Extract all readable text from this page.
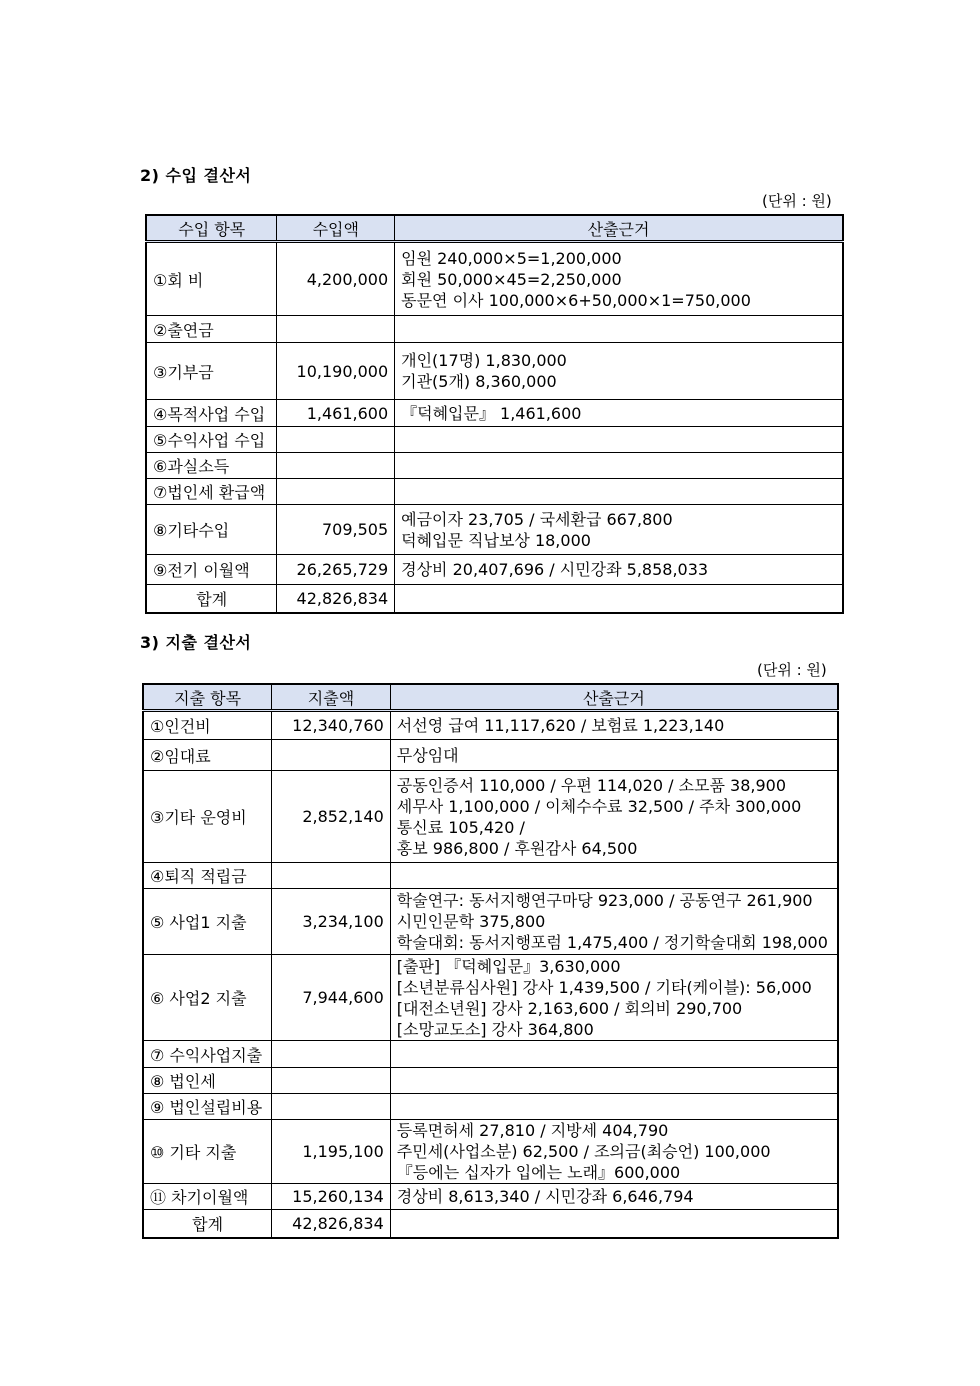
2) 수입 결산서
(단위 : 원)
수입 항목	수입액	산출근거
①회 비	4,200,000	임원 240,000×5=1,200,000
회원 50,000×45=2,250,000
동문연 이사 100,000×6+50,000×1=750,000

②출연금		

③기부금	10,190,000	개인(17명) 1,830,000
기관(5개) 8,360,000

④목적사업 수입	1,461,600	『덕혜입문』 1,461,600

⑤수익사업 수입		

⑥과실소득		

⑦법인세 환급액		

⑧기타수입	709,505	예금이자 23,705 / 국세환급 667,800
덕혜입문 직납보상 18,000

⑨전기 이월액	26,265,729	경상비 20,407,696 / 시민강좌 5,858,033

합계	42,826,834	
3) 지출 결산서
(단위 : 원)
지출 항목	지출액	산출근거
①인건비	12,340,760	서선영 급여 11,117,620 / 보험료 1,223,140

②임대료		무상임대

③기타 운영비	2,852,140	공동인증서 110,000 / 우편 114,020 / 소모품 38,900
세무사 1,100,000 / 이체수수료 32,500 / 주차 300,000
통신료 105,420 /
홍보 986,800 / 후원감사 64,500

④퇴직 적립금		

⑤ 사업1 지출	3,234,100	학술연구: 동서지행연구마당 923,000 / 공동연구 261,900
시민인문학 375,800
학술대회: 동서지행포럼 1,475,400 / 정기학술대회 198,000

⑥ 사업2 지출	7,944,600	[출판] 『덕혜입문』3,630,000
[소년분류심사원] 강사 1,439,500 / 기타(케이블): 56,000
[대전소년원] 강사 2,163,600 / 회의비 290,700
[소망교도소] 강사 364,800

⑦ 수익사업지출		

⑧ 법인세		

⑨ 법인설립비용		

⑩ 기타 지출	1,195,100	등록면허세 27,810 / 지방세 404,790
주민세(사업소분) 62,500 / 조의금(최승언) 100,000
『등에는 십자가 입에는 노래』600,000

⑪ 차기이월액	15,260,134	경상비 8,613,340 / 시민강좌 6,646,794

합계	42,826,834	
